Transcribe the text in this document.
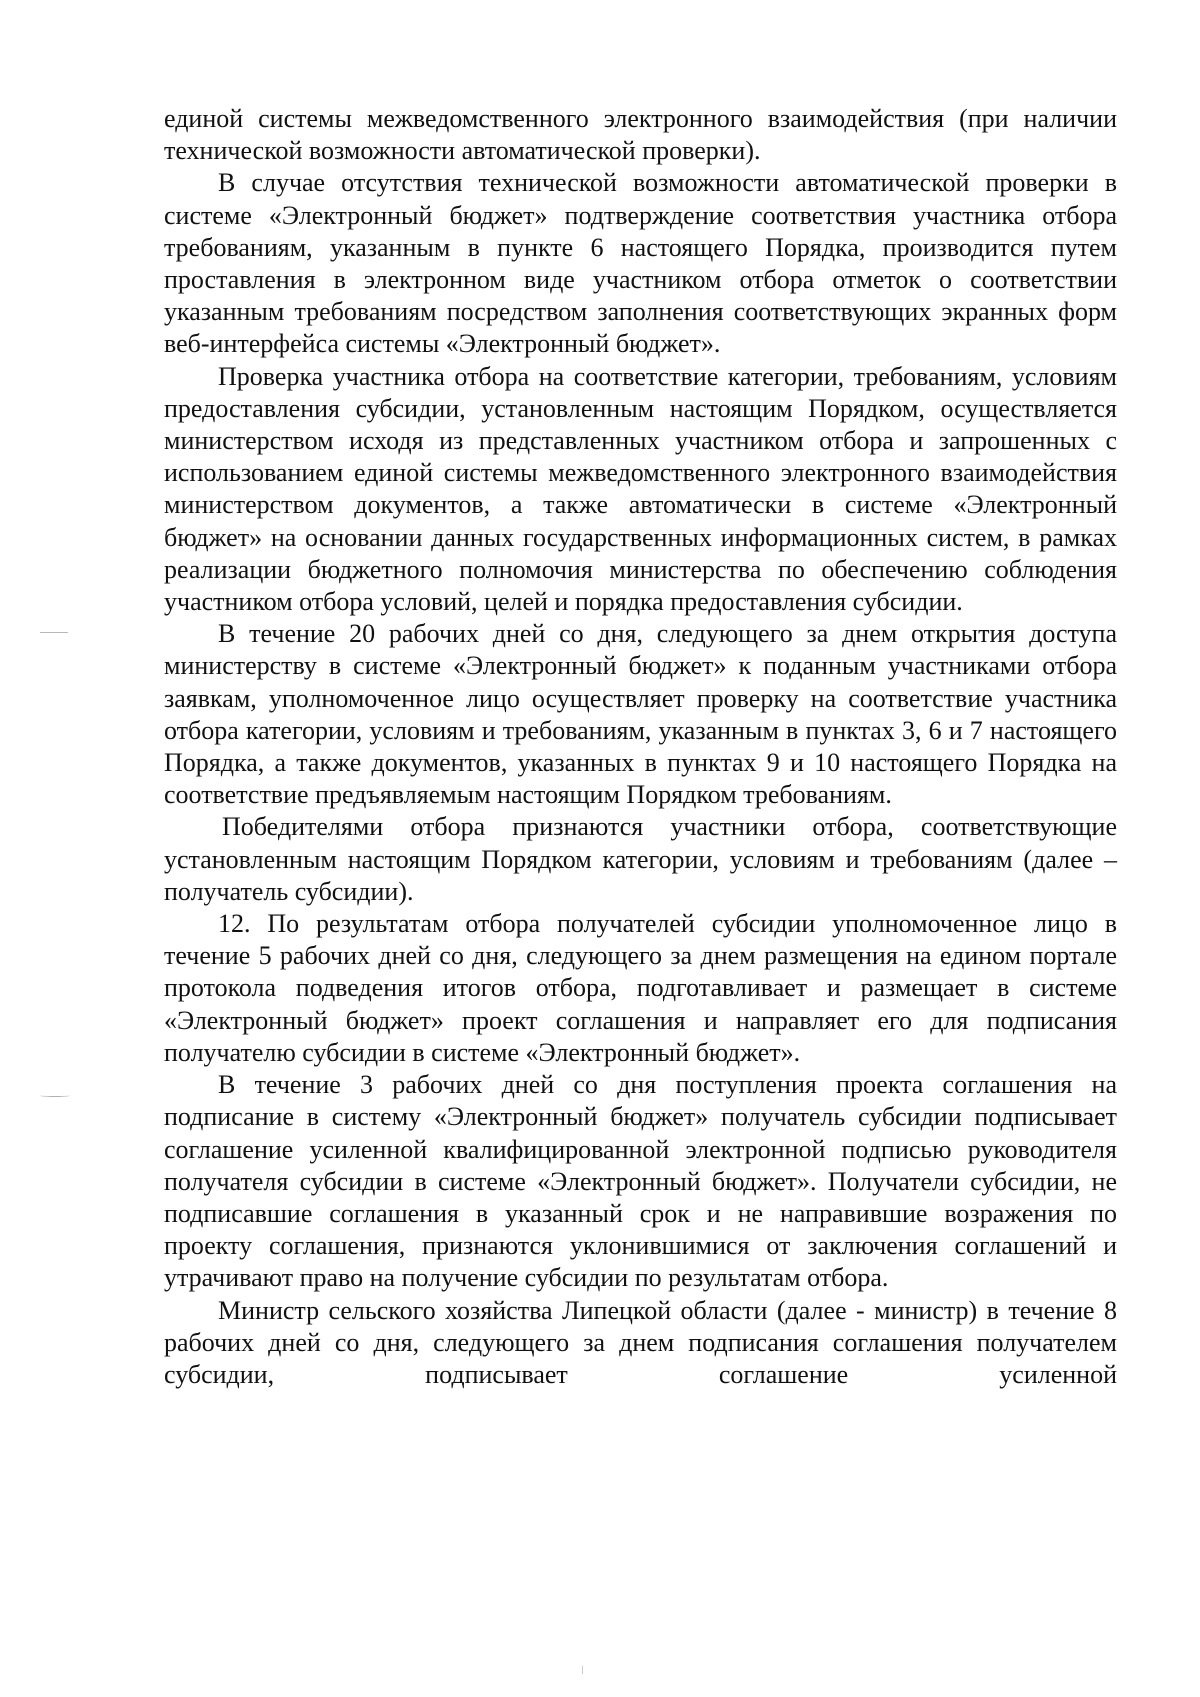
единой системы межведомственного электронного взаимодействия (при наличии технической возможности автоматической проверки).

В случае отсутствия технической возможности автоматической проверки в системе «Электронный бюджет» подтверждение соответствия участника отбора требованиям, указанным в пункте 6 настоящего Порядка, производится путем проставления в электронном виде участником отбора отметок о соответствии указанным требованиям посредством заполнения соответствующих экранных форм веб-интерфейса системы «Электронный бюджет».

Проверка участника отбора на соответствие категории, требованиям, условиям предоставления субсидии, установленным настоящим Порядком, осуществляется министерством исходя из представленных участником отбора и запрошенных с использованием единой системы межведомственного электронного взаимодействия министерством документов, а также автоматически в системе «Электронный бюджет» на основании данных государственных информационных систем, в рамках реализации бюджетного полномочия министерства по обеспечению соблюдения участником отбора условий, целей и порядка предоставления субсидии.

В течение 20 рабочих дней со дня, следующего за днем открытия доступа министерству в системе «Электронный бюджет» к поданным участниками отбора заявкам, уполномоченное лицо осуществляет проверку на соответствие участника отбора категории, условиям и требованиям, указанным в пунктах 3, 6 и 7 настоящего Порядка, а также документов, указанных в пунктах 9 и 10 настоящего Порядка на соответствие предъявляемым настоящим Порядком требованиям.

Победителями отбора признаются участники отбора, соответствующие установленным настоящим Порядком категории, условиям и требованиям (далее – получатель субсидии).

12. По результатам отбора получателей субсидии уполномоченное лицо в течение 5 рабочих дней со дня, следующего за днем размещения на едином портале протокола подведения итогов отбора, подготавливает и размещает в системе «Электронный бюджет» проект соглашения и направляет его для подписания получателю субсидии в системе «Электронный бюджет».

В течение 3 рабочих дней со дня поступления проекта соглашения на подписание в систему «Электронный бюджет» получатель субсидии подписывает соглашение усиленной квалифицированной электронной подписью руководителя получателя субсидии в системе «Электронный бюджет». Получатели субсидии, не подписавшие соглашения в указанный срок и не направившие возражения по проекту соглашения, признаются уклонившимися от заключения соглашений и утрачивают право на получение субсидии по результатам отбора.

Министр сельского хозяйства Липецкой области (далее - министр) в течение 8 рабочих дней со дня, следующего за днем подписания соглашения получателем субсидии, подписывает соглашение усиленной
